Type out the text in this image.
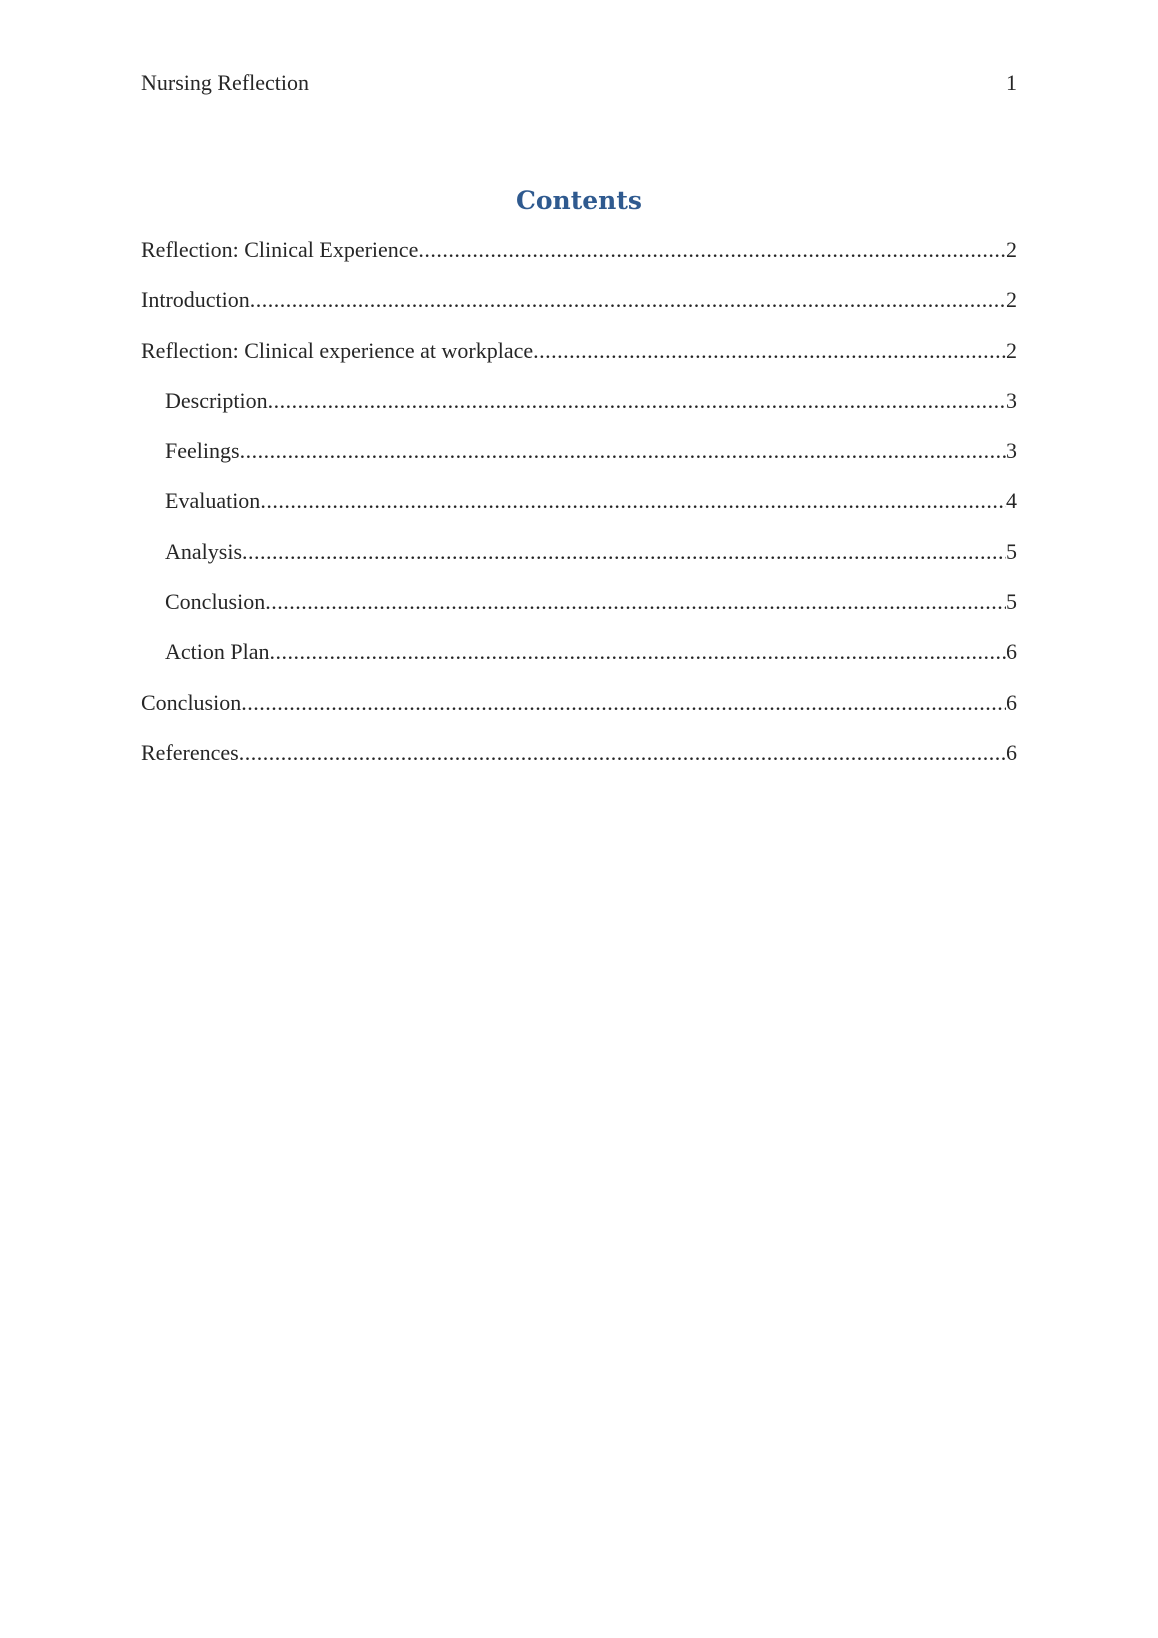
Nursing Reflection	1
Contents
Reflection: Clinical Experience .....	2
Introduction .....	2
Reflection: Clinical experience at workplace .....	2
Description .....	3
Feelings .....	3
Evaluation .....	4
Analysis .....	5
Conclusion .....	5
Action Plan .....	6
Conclusion .....	6
References .....	6
